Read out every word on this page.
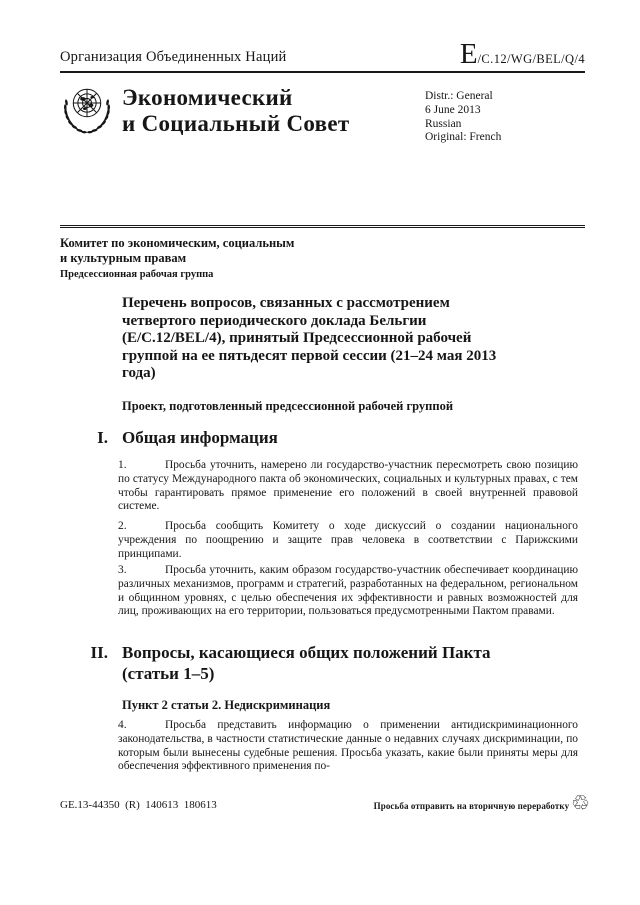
Организация Объединенных Наций	E /C.12/WG/BEL/Q/4
Экономический
и Социальный Совет
Distr.: General
6 June 2013
Russian
Original: French
Комитет по экономическим, социальным
и культурным правам
Предсессионная рабочая группа
Перечень вопросов, связанных с рассмотрением четвертого периодического доклада Бельгии (E/C.12/BEL/4), принятый Предсессионной рабочей группой на ее пятьдесят первой сессии (21–24 мая 2013 года)
Проект, подготовленный предсессионной рабочей группой
I. Общая информация
1.	Просьба уточнить, намерено ли государство-участник пересмотреть свою позицию по статусу Международного пакта об экономических, социальных и культурных правах, с тем чтобы гарантировать прямое применение его положений в своей внутренней правовой системе.
2.	Просьба сообщить Комитету о ходе дискуссий о создании национального учреждения по поощрению и защите прав человека в соответствии с Парижскими принципами.
3.	Просьба уточнить, каким образом государство-участник обеспечивает координацию различных механизмов, программ и стратегий, разработанных на федеральном, региональном и общинном уровнях, с целью обеспечения их эффективности и равных возможностей для лиц, проживающих на его территории, пользоваться предусмотренными Пактом правами.
II. Вопросы, касающиеся общих положений Пакта
(статьи 1–5)
Пункт 2 статьи 2. Недискриминация
4.	Просьба представить информацию о применении антидискриминационного законодательства, в частности статистические данные о недавних случаях дискриминации, по которым были вынесены судебные решения. Просьба указать, какие были приняты меры для обеспечения эффективного применения по-
GE.13-44350  (R)  140613  180613	Просьба отправить на вторичную переработку ♲
